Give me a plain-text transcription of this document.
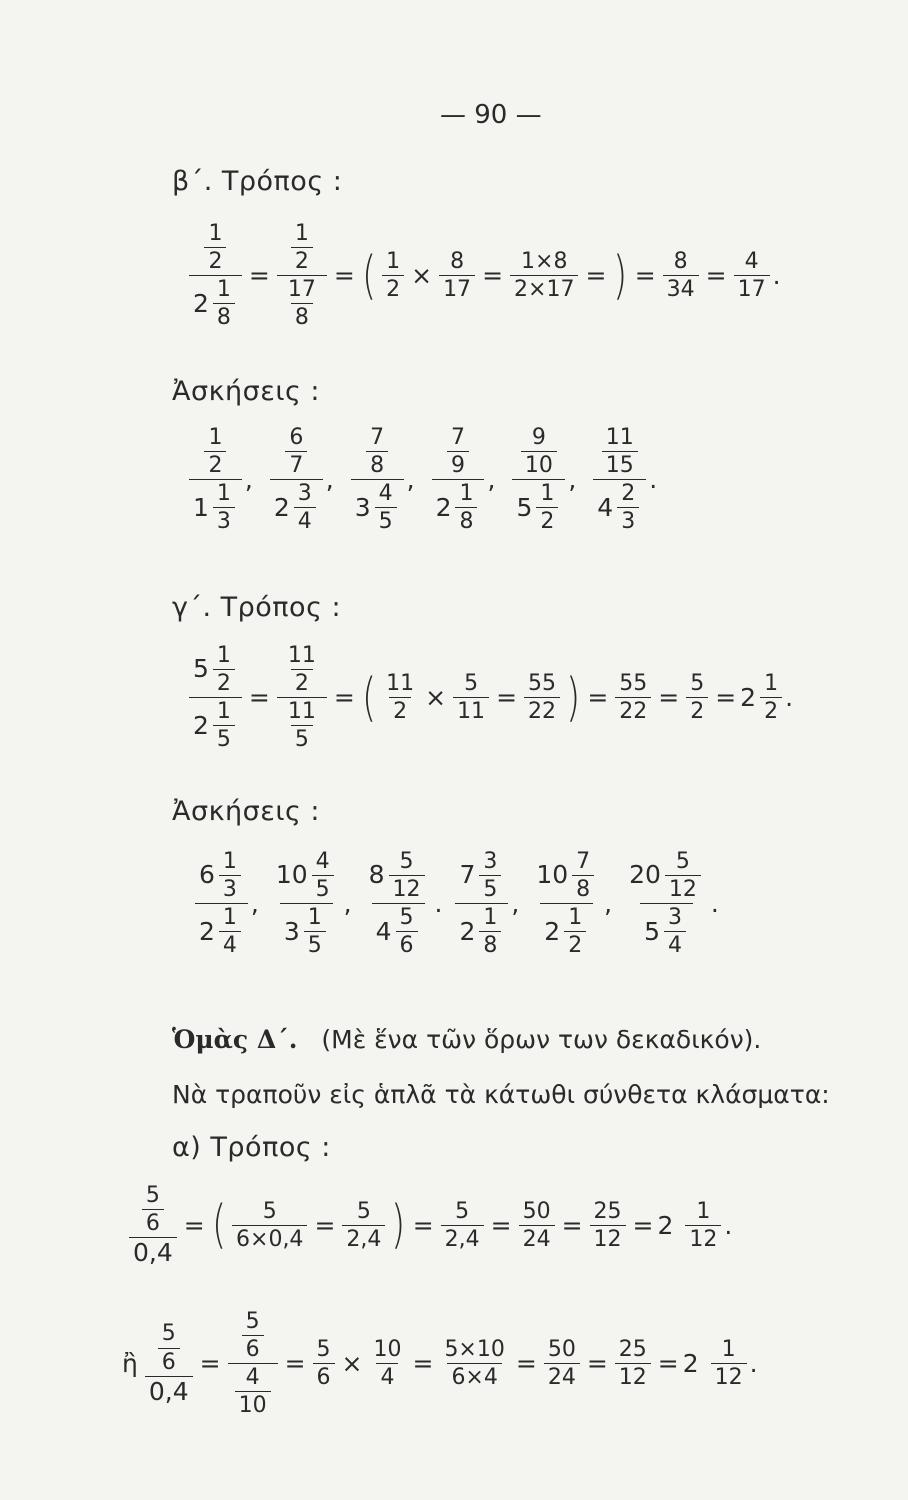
— 90 —
β΄. Τρόπος :
$\frac{\frac{1}{2}}{2 \frac{1}{8}} = \frac{\frac{1}{2}}{\frac{17}{8}}$ = ( $\frac{1}{2} \times \frac{8}{17} = \frac{1\times 8}{2\times 17}$ = ) = $\frac{8}{34} = \frac{4}{17}$ .
Ἀσκήσεις :
$\frac{\frac{1}{2}}{1 \frac{1}{3}}$ , $\frac{\frac{6}{7}}{2 \frac{3}{4}}$ , $\frac{\frac{7}{8}}{3 \frac{4}{5}}$ , $\frac{\frac{7}{9}}{2 \frac{1}{8}}$ , $\frac{\frac{9}{10}}{5 \frac{1}{2}}$ , $\frac{\frac{11}{15}}{4 \frac{2}{3}}$ .
γ΄. Τρόπος :
$\frac{5 \frac{1}{2}}{2 \frac{1}{5}} = \frac{\frac{11}{2}}{\frac{11}{5}}$ = ( $\frac{11}{2} \times \frac{5}{11} = \frac{55}{22}$ ) = $\frac{55}{22} = \frac{5}{2} = 2 \frac{1}{2}$ .
Ἀσκήσεις :
$\frac{6 \frac{1}{3}}{2 \frac{1}{4}}$ , $\frac{10 \frac{4}{5}}{3 \frac{1}{5}}$ , $\frac{8 \frac{5}{12}}{4 \frac{5}{6}}$ . $\frac{7 \frac{3}{5}}{2 \frac{1}{8}}$ , $\frac{10 \frac{7}{8}}{2 \frac{1}{2}}$ , $\frac{20 \frac{5}{12}}{5 \frac{3}{4}}$ .
Ὁμὰς Δ΄. (Μὲ ἕνα τῶν ὅρων των δεκαδικόν).
Νὰ τραποῦν εἰς ἁπλᾶ τὰ κάτωθι σύνθετα κλάσματα:
α) Τρόπος :
$\frac{\frac{5}{6}}{0,4}$ = ( $\frac{5}{6\times 0,4} = \frac{5}{2,4}$ ) = $\frac{5}{2,4} = \frac{50}{24} = \frac{25}{12} = 2 \frac{1}{12}$ .
ἢ $\frac{\frac{5}{6}}{0,4} = \frac{\frac{5}{6}}{\frac{4}{10}} = \frac{5}{6} \times \frac{10}{4} = \frac{5\times 10}{6\times 4} = \frac{50}{24} = \frac{25}{12} = 2 \frac{1}{12}$ .
